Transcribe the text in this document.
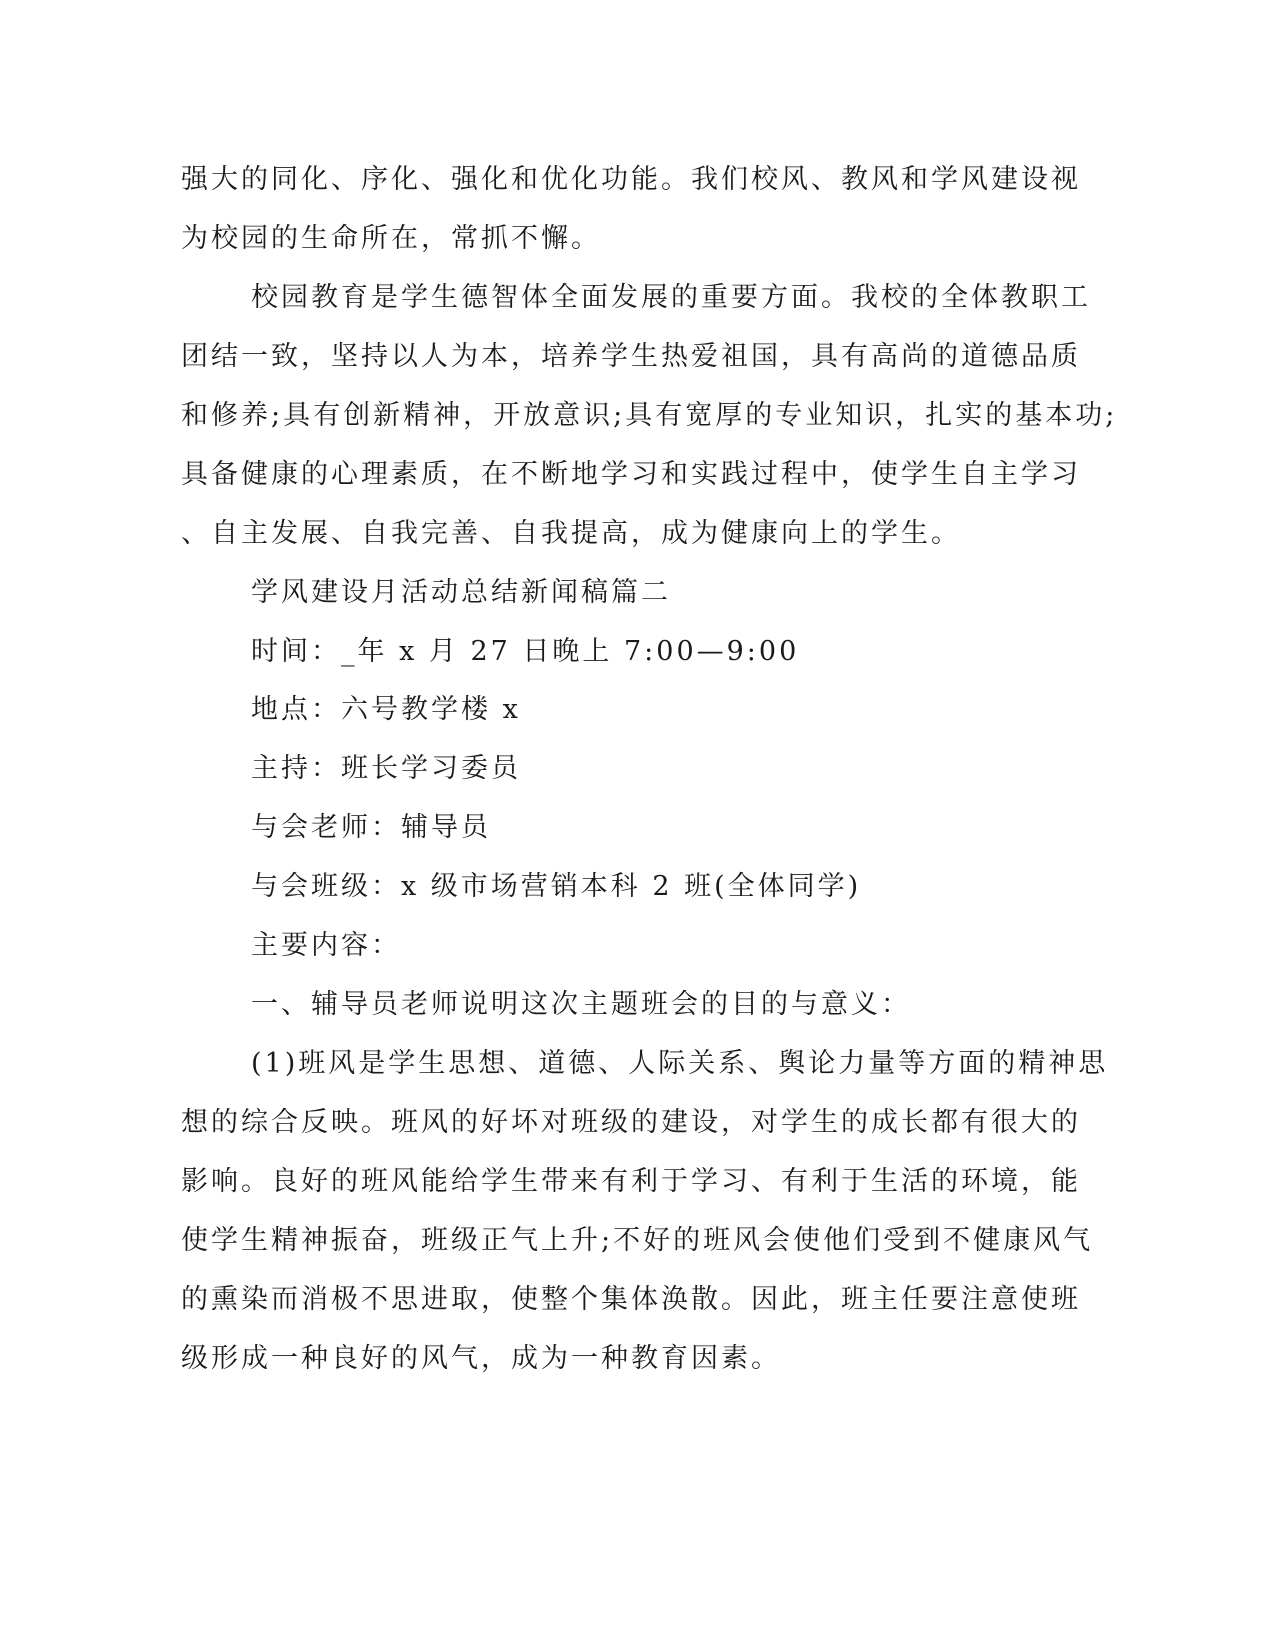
强大的同化、序化、强化和优化功能。我们校风、教风和学风建设视
为校园的生命所在，常抓不懈。
校园教育是学生德智体全面发展的重要方面。我校的全体教职工
团结一致，坚持以人为本，培养学生热爱祖国，具有高尚的道德品质
和修养;具有创新精神，开放意识;具有宽厚的专业知识，扎实的基本功;
具备健康的心理素质，在不断地学习和实践过程中，使学生自主学习
、自主发展、自我完善、自我提高，成为健康向上的学生。
学风建设月活动总结新闻稿篇二
时间：_年 x 月 27 日晚上 7:00—9:00
地点：六号教学楼 x
主持：班长学习委员
与会老师：辅导员
与会班级：x 级市场营销本科 2 班(全体同学)
主要内容：
一、辅导员老师说明这次主题班会的目的与意义：
(1)班风是学生思想、道德、人际关系、舆论力量等方面的精神思
想的综合反映。班风的好坏对班级的建设，对学生的成长都有很大的
影响。良好的班风能给学生带来有利于学习、有利于生活的环境，能
使学生精神振奋，班级正气上升;不好的班风会使他们受到不健康风气
的熏染而消极不思进取，使整个集体涣散。因此，班主任要注意使班
级形成一种良好的风气，成为一种教育因素。
